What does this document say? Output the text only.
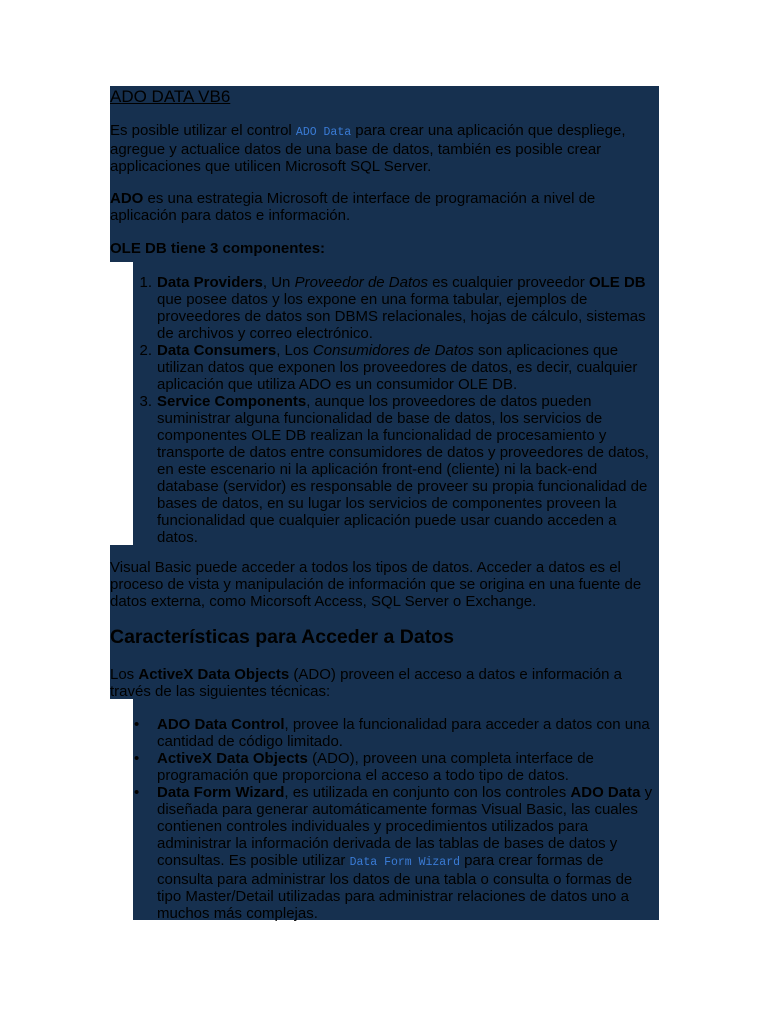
ADO DATA VB6
Es posible utilizar el control ADO Data para crear una aplicación que despliege, agregue y actualice datos de una base de datos, también es posible crear applicaciones que utilicen Microsoft SQL Server.
ADO es una estrategia Microsoft de interface de programación a nivel de aplicación para datos e información.
OLE DB tiene 3 componentes:
1. Data Providers, Un Proveedor de Datos es cualquier proveedor OLE DB que posee datos y los expone en una forma tabular, ejemplos de proveedores de datos son DBMS relacionales, hojas de cálculo, sistemas de archivos y correo electrónico.
2. Data Consumers, Los Consumidores de Datos son aplicaciones que utilizan datos que exponen los proveedores de datos, es decir, cualquier aplicación que utiliza ADO es un consumidor OLE DB.
3. Service Components, aunque los proveedores de datos pueden suministrar alguna funcionalidad de base de datos, los servicios de componentes OLE DB realizan la funcionalidad de procesamiento y transporte de datos entre consumidores de datos y proveedores de datos, en este escenario ni la aplicación front-end (cliente) ni la back-end database (servidor) es responsable de proveer su propia funcionalidad de bases de datos, en su lugar los servicios de componentes proveen la funcionalidad que cualquier aplicación puede usar cuando acceden a datos.
Visual Basic puede acceder a todos los tipos de datos. Acceder a datos es el proceso de vista y manipulación de información que se origina en una fuente de datos externa, como Micorsoft Access, SQL Server o Exchange.
Características para Acceder a Datos
Los ActiveX Data Objects (ADO) proveen el acceso a datos e información a través de las siguientes técnicas:
•	ADO Data Control, provee la funcionalidad para acceder a datos con una cantidad de código limitado.
•	ActiveX Data Objects (ADO), proveen una completa interface de programación que proporciona el acceso a todo tipo de datos.
•	Data Form Wizard, es utilizada en conjunto con los controles ADO Data y diseñada para generar automáticamente formas Visual Basic, las cuales contienen controles individuales y procedimientos utilizados para administrar la información derivada de las tablas de bases de datos y consultas. Es posible utilizar Data Form Wizard para crear formas de consulta para administrar los datos de una tabla o consulta o formas de tipo Master/Detail utilizadas para administrar relaciones de datos uno a muchos más complejas.
